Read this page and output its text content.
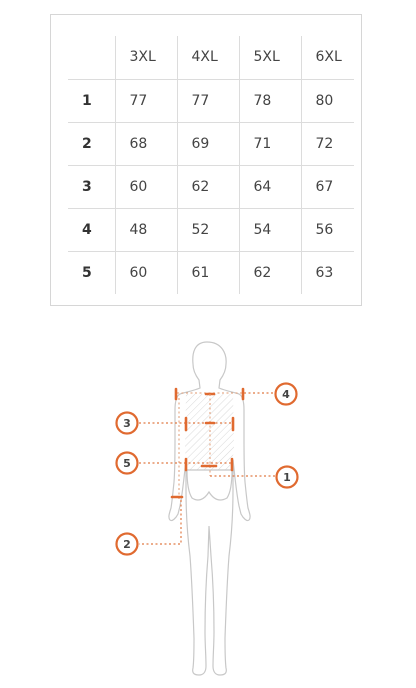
	3XL	4XL	5XL	6XL
1	77	77	78	80
2	68	69	71	72
3	60	62	64	67
4	48	52	54	56
5	60	61	62	63
1
2
3
4
5
